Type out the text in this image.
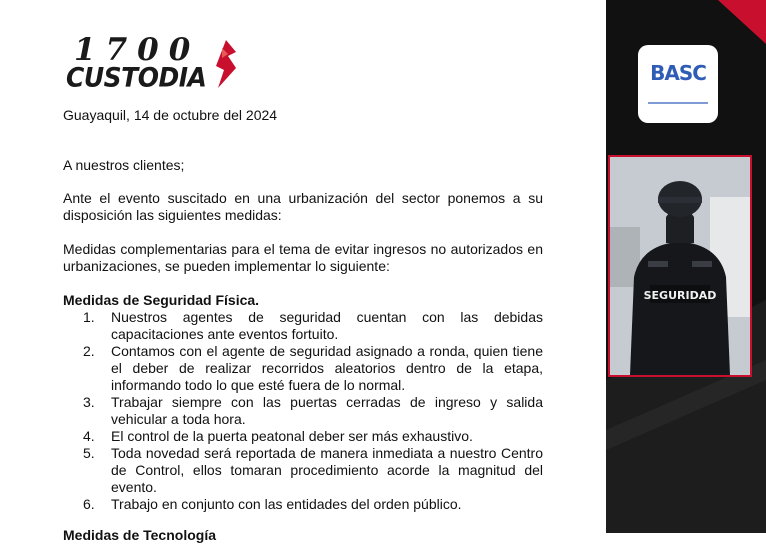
1700
CUSTODIA
Guayaquil, 14 de octubre del 2024
A nuestros clientes;
Ante el evento suscitado en una urbanización del sector ponemos a su disposición las siguientes medidas:
Medidas complementarias para el tema de evitar ingresos no autorizados en urbanizaciones, se pueden implementar lo siguiente:
Medidas de Seguridad Física.
1.	Nuestros agentes de seguridad cuentan con las debidas capacitaciones ante eventos fortuito.
2.	Contamos con el agente de seguridad asignado a ronda, quien tiene el deber de realizar recorridos aleatorios dentro de la etapa, informando todo lo que esté fuera de lo normal.
3.	Trabajar siempre con las puertas cerradas de ingreso y salida vehicular a toda hora.
4.	El control de la puerta peatonal deber ser más exhaustivo.
5.	Toda novedad será reportada de manera inmediata a nuestro Centro de Control, ellos tomaran procedimiento acorde la magnitud del evento.
6.	Trabajo en conjunto con las entidades del orden público.
Medidas de Tecnología
BASC
SEGURIDAD
